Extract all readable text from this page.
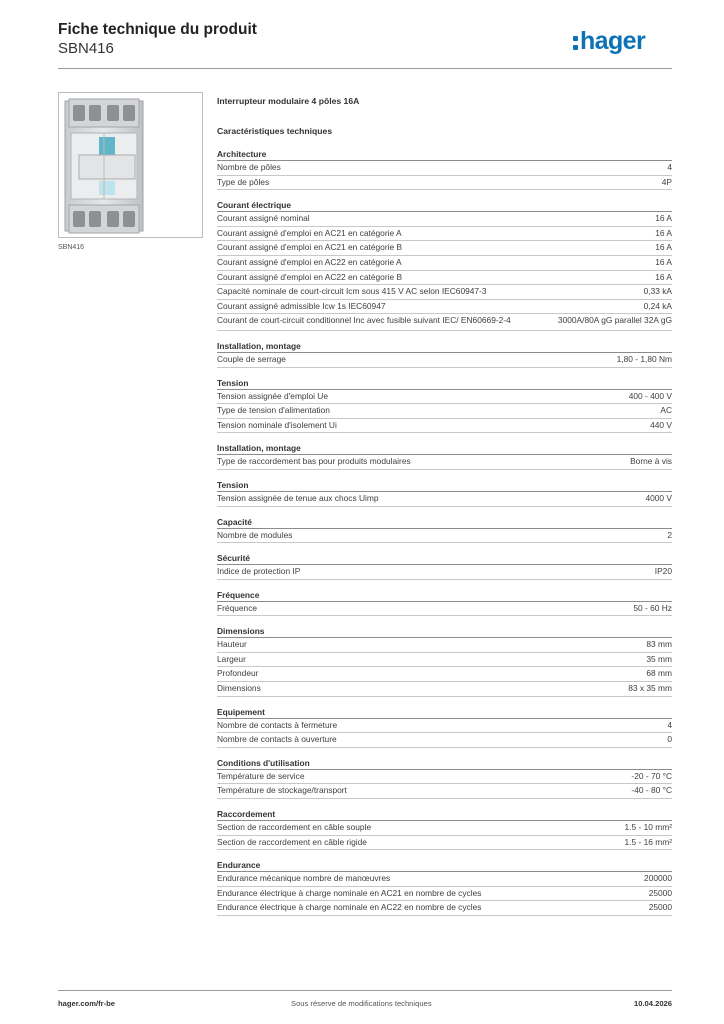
Fiche technique du produit
SBN416	hager
SBN416
Interrupteur modulaire 4 pôles 16A
Caractéristiques techniques
Architecture
Nombre de pôles	4
Type de pôles	4P
Courant électrique
Courant assigné nominal	16 A
Courant assigné d'emploi en AC21 en catégorie A	16 A
Courant assigné d'emploi en AC21 en catégorie B	16 A
Courant assigné d'emploi en AC22 en catégorie A	16 A
Courant assigné d'emploi en AC22 en catégorie B	16 A
Capacité nominale de court-circuit Icm sous 415 V AC selon IEC60947-3	0,33 kA
Courant assigné admissible Icw 1s IEC60947	0,24 kA
Courant de court-circuit conditionnel Inc avec fusible suivant IEC/ EN60669-2-4	3000A/80A gG parallel 32A gG
Installation, montage
Couple de serrage	1,80 - 1,80 Nm
Tension
Tension assignée d'emploi Ue	400 - 400 V
Type de tension d'alimentation	AC
Tension nominale d'isolement Ui	440 V
Installation, montage
Type de raccordement bas pour produits modulaires	Borne à vis
Tension
Tension assignée de tenue aux chocs Uimp	4000 V
Capacité
Nombre de modules	2
Sécurité
Indice de protection IP	IP20
Fréquence
Fréquence	50 - 60 Hz
Dimensions
Hauteur	83 mm
Largeur	35 mm
Profondeur	68 mm
Dimensions	83 x 35 mm
Equipement
Nombre de contacts à fermeture	4
Nombre de contacts à ouverture	0
Conditions d'utilisation
Température de service	-20 - 70 °C
Température de stockage/transport	-40 - 80 °C
Raccordement
Section de raccordement en câble souple	1.5 - 10 mm²
Section de raccordement en câble rigide	1.5 - 16 mm²
Endurance
Endurance mécanique nombre de manœuvres	200000
Endurance électrique à charge nominale en AC21 en nombre de cycles	25000
Endurance électrique à charge nominale en AC22 en nombre de cycles	25000
hager.com/fr-be	Sous réserve de modifications techniques	10.04.2026
